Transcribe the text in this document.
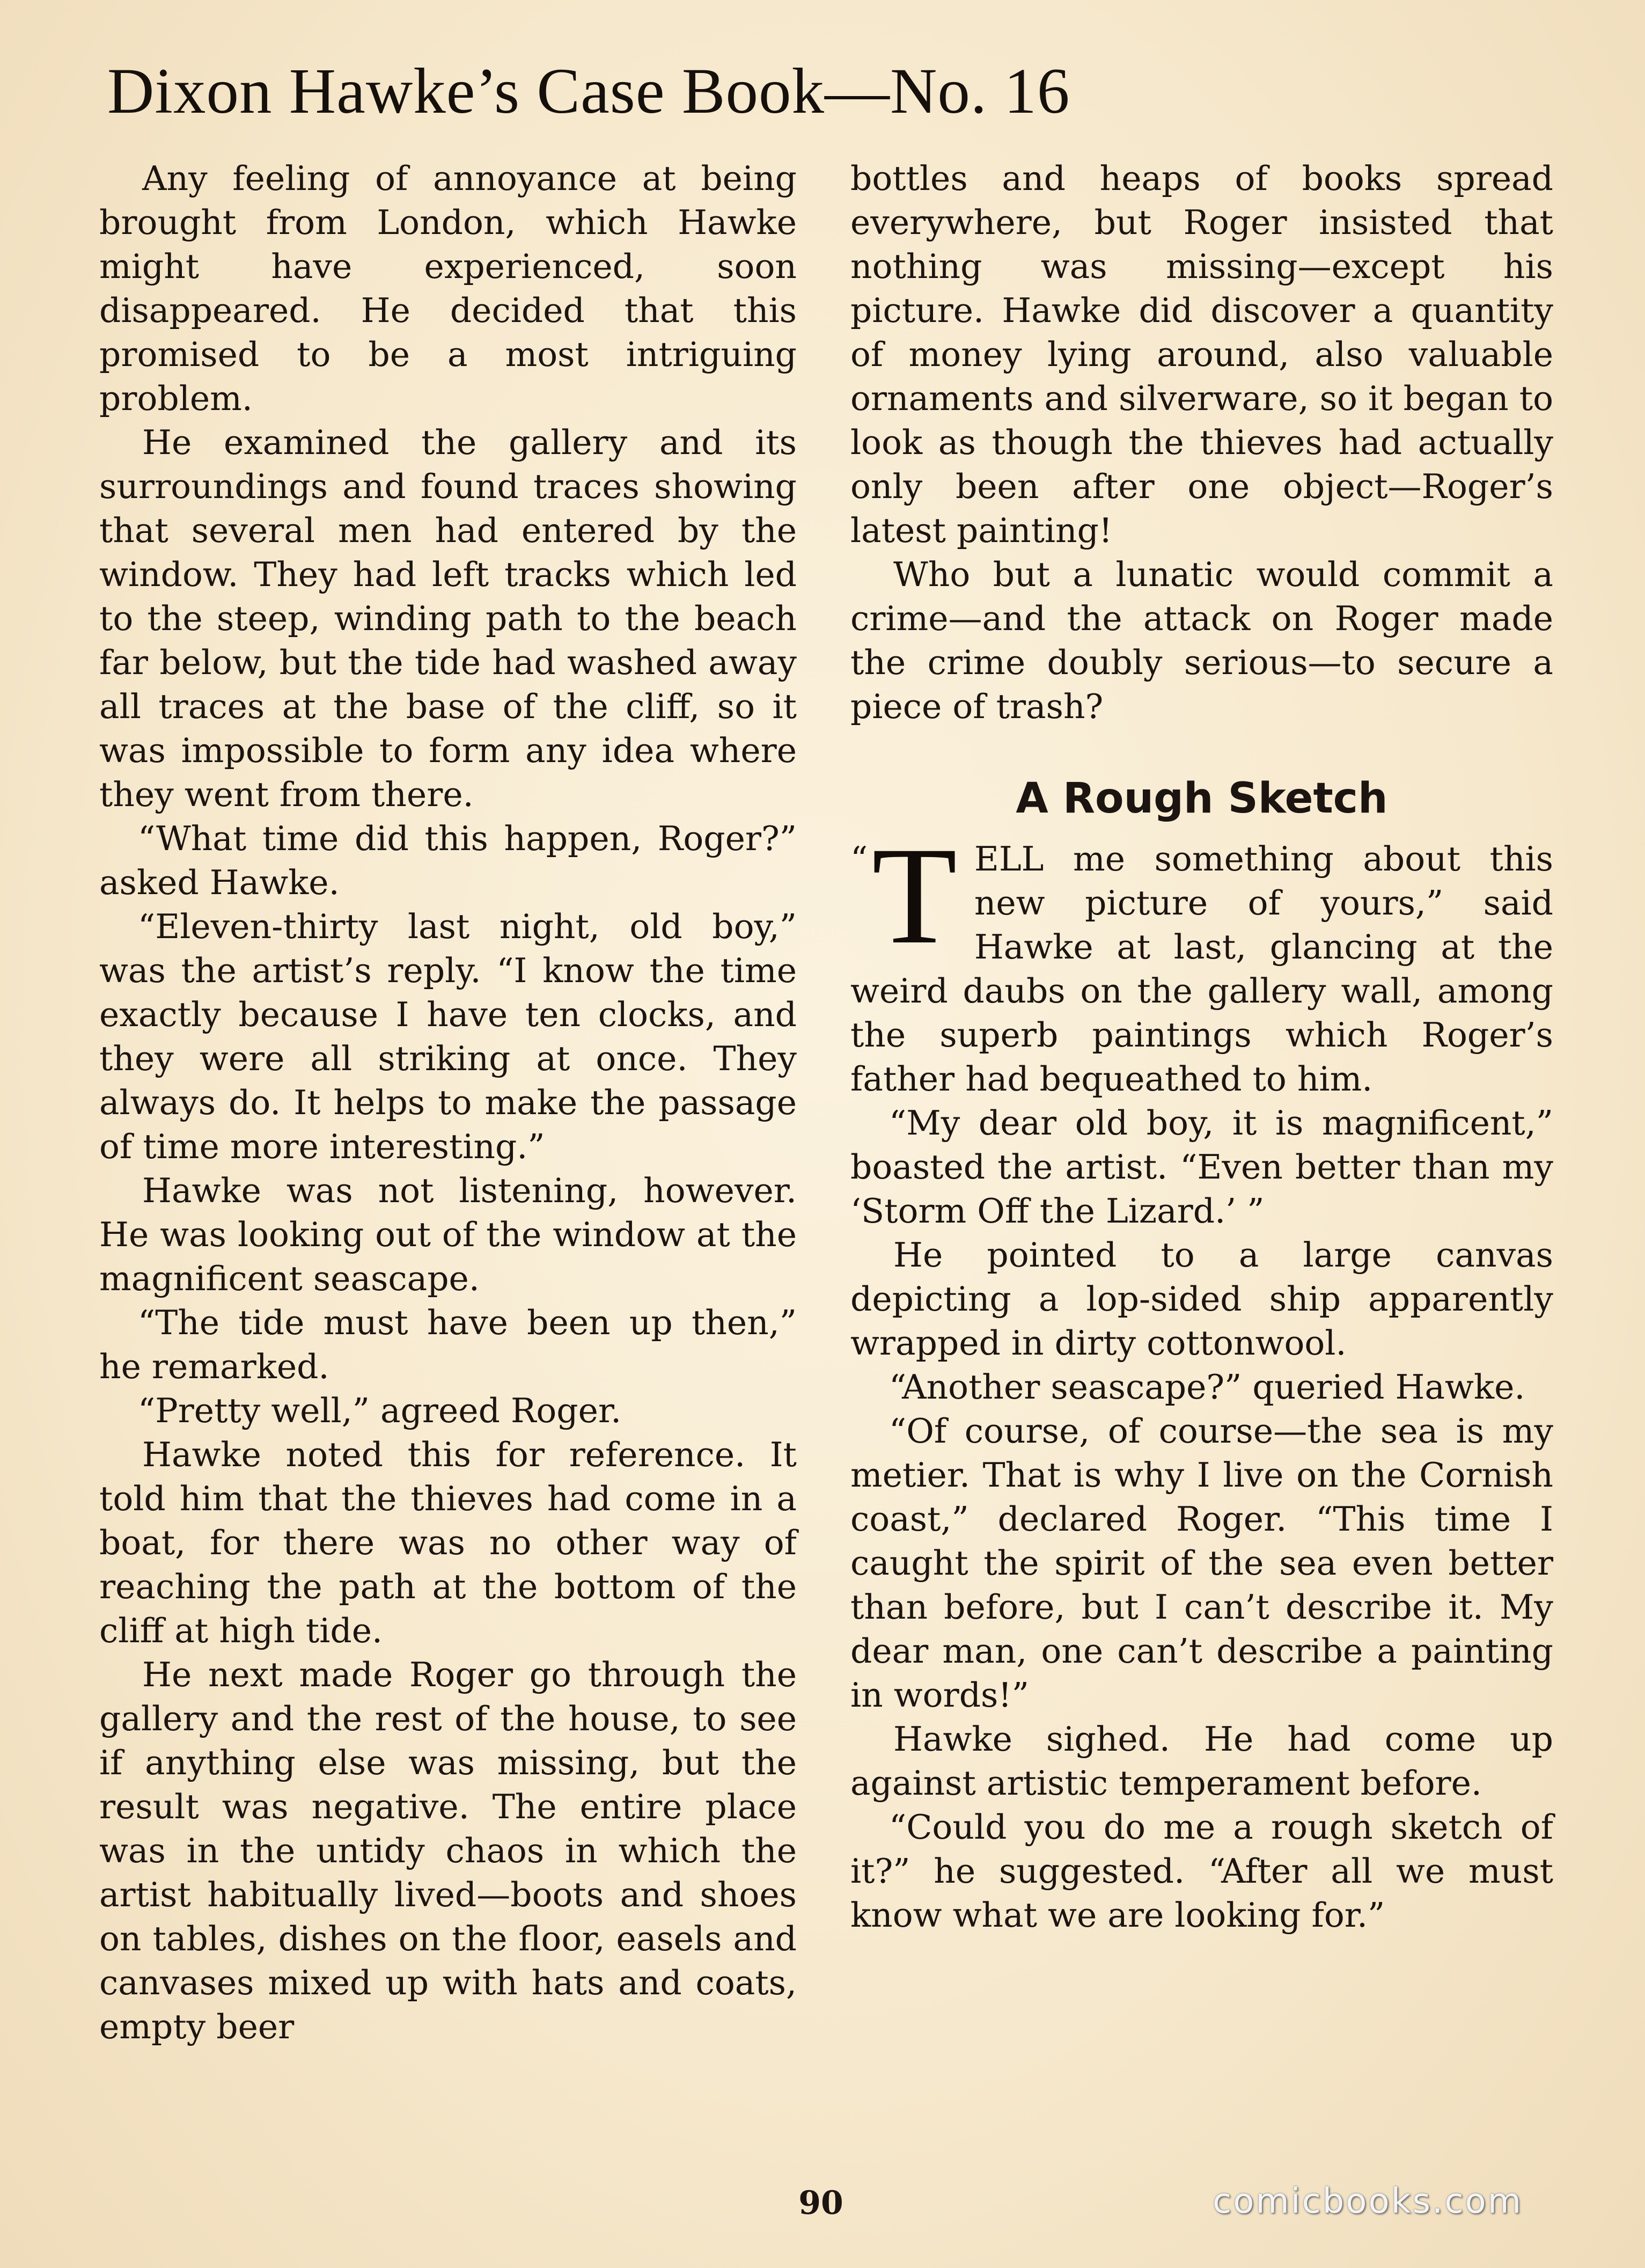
Dixon Hawke’s Case Book—No. 16

Any feeling of annoyance at being brought from London, which Hawke might have experienced, soon disappeared. He decided that this promised to be a most intriguing problem.

He examined the gallery and its surroundings and found traces showing that several men had entered by the window. They had left tracks which led to the steep, winding path to the beach far below, but the tide had washed away all traces at the base of the cliff, so it was impossible to form any idea where they went from there.

“What time did this happen, Roger?” asked Hawke.

“Eleven-thirty last night, old boy,” was the artist’s reply. “I know the time exactly because I have ten clocks, and they were all striking at once. They always do. It helps to make the passage of time more interesting.”

Hawke was not listening, however. He was looking out of the window at the magnificent seascape.

“The tide must have been up then,” he remarked.

“Pretty well,” agreed Roger.

Hawke noted this for reference. It told him that the thieves had come in a boat, for there was no other way of reaching the path at the bottom of the cliff at high tide.

He next made Roger go through the gallery and the rest of the house, to see if anything else was missing, but the result was negative. The entire place was in the untidy chaos in which the artist habitually lived—boots and shoes on tables, dishes on the floor, easels and canvases mixed up with hats and coats, empty beer

bottles and heaps of books spread everywhere, but Roger insisted that nothing was missing—except his picture. Hawke did discover a quantity of money lying around, also valuable ornaments and silverware, so it began to look as though the thieves had actually only been after one object—Roger’s latest painting!

Who but a lunatic would commit a crime—and the attack on Roger made the crime doubly serious—to secure a piece of trash?

A Rough Sketch

“ T ELL me something about this new picture of yours,” said Hawke at last, glancing at the weird daubs on the gallery wall, among the superb paintings which Roger’s father had bequeathed to him.

“My dear old boy, it is magnificent,” boasted the artist. “Even better than my ‘Storm Off the Lizard.’ ”

He pointed to a large canvas depicting a lop-sided ship apparently wrapped in dirty cottonwool.

“Another seascape?” queried Hawke.

“Of course, of course—the sea is my metier. That is why I live on the Cornish coast,” declared Roger. “This time I caught the spirit of the sea even better than before, but I can’t describe it. My dear man, one can’t describe a painting in words!”

Hawke sighed. He had come up against artistic temperament before.

“Could you do me a rough sketch of it?” he suggested. “After all we must know what we are looking for.”

90	comicbooks.com
